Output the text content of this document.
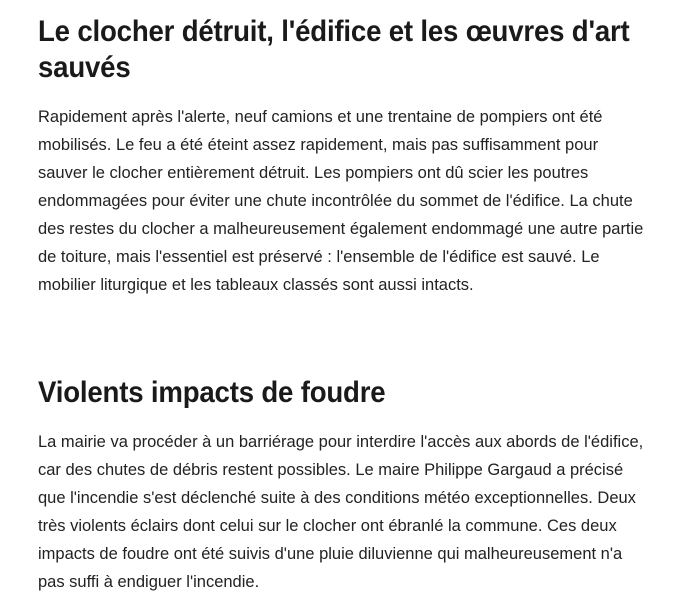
Le clocher détruit, l'édifice et les œuvres d'art sauvés

Rapidement après l'alerte, neuf camions et une trentaine de pompiers ont été mobilisés. Le feu a été éteint assez rapidement, mais pas suffisamment pour sauver le clocher entièrement détruit. Les pompiers ont dû scier les poutres endommagées pour éviter une chute incontrôlée du sommet de l'édifice. La chute des restes du clocher a malheureusement également endommagé une autre partie de toiture, mais l'essentiel est préservé : l'ensemble de l'édifice est sauvé. Le mobilier liturgique et les tableaux classés sont aussi intacts.

Violents impacts de foudre

La mairie va procéder à un barriérage pour interdire l'accès aux abords de l'édifice, car des chutes de débris restent possibles. Le maire Philippe Gargaud a précisé que l'incendie s'est déclenché suite à des conditions météo exceptionnelles. Deux très violents éclairs dont celui sur le clocher ont ébranlé la commune. Ces deux impacts de foudre ont été suivis d'une pluie diluvienne qui malheureusement n'a pas suffi à endiguer l'incendie.
